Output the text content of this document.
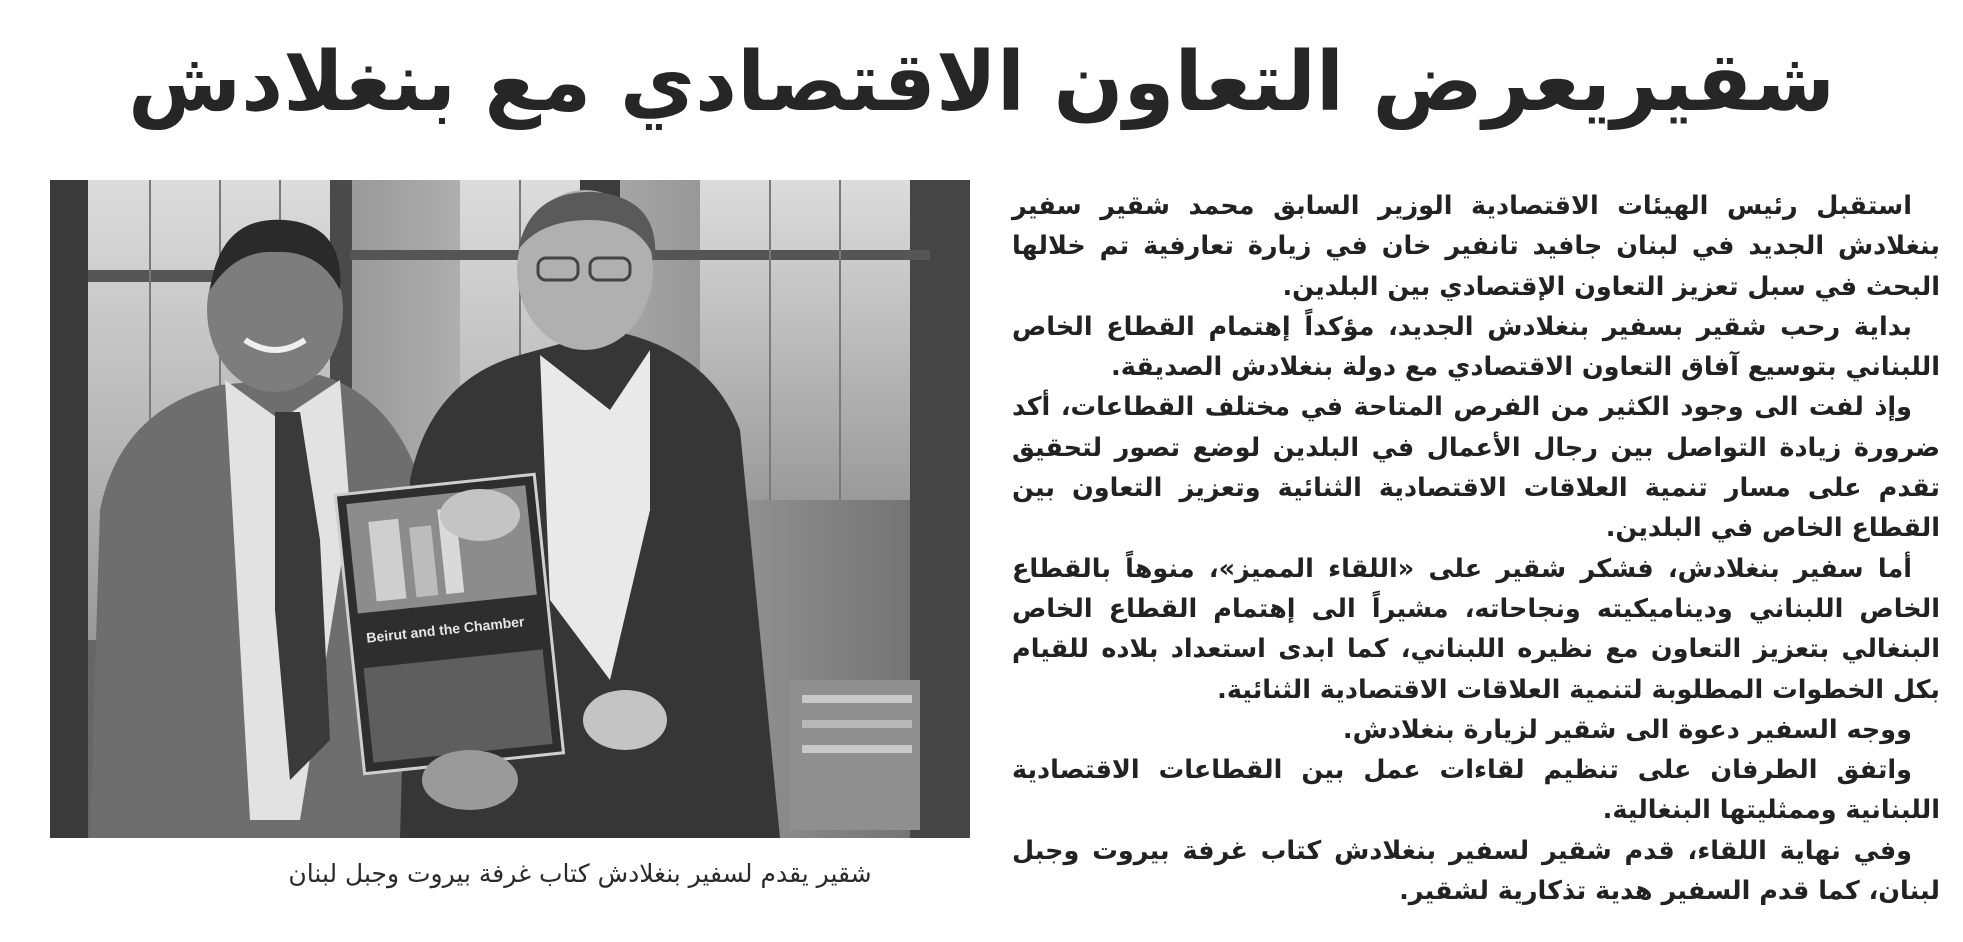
شقيريعرض التعاون الاقتصادي مع بنغلادش
Beirut and the Chamber
شقير يقدم لسفير بنغلادش كتاب غرفة بيروت وجبل لبنان

استقبل رئيس الهيئات الاقتصادية الوزير السابق محمد شقير سفير بنغلادش الجديد في لبنان جافيد تانفير خان في زيارة تعارفية تم خلالها البحث في سبل تعزيز التعاون الإقتصادي بين البلدين.

بداية رحب شقير بسفير بنغلادش الجديد، مؤكداً إهتمام القطاع الخاص اللبناني بتوسيع آفاق التعاون الاقتصادي مع دولة بنغلادش الصديقة.

وإذ لفت الى وجود الكثير من الفرص المتاحة في مختلف القطاعات، أكد ضرورة زيادة التواصل بين رجال الأعمال في البلدين لوضع تصور لتحقيق تقدم على مسار تنمية العلاقات الاقتصادية الثنائية وتعزيز التعاون بين القطاع الخاص في البلدين.

أما سفير بنغلادش، فشكر شقير على «اللقاء المميز»، منوهاً بالقطاع الخاص اللبناني وديناميكيته ونجاحاته، مشيراً الى إهتمام القطاع الخاص البنغالي بتعزيز التعاون مع نظيره اللبناني، كما ابدى استعداد بلاده للقيام بكل الخطوات المطلوبة لتنمية العلاقات الاقتصادية الثنائية.

ووجه السفير دعوة الى شقير لزيارة بنغلادش.

واتفق الطرفان على تنظيم لقاءات عمل بين القطاعات الاقتصادية اللبنانية وممثليتها البنغالية.

وفي نهاية اللقاء، قدم شقير لسفير بنغلادش كتاب غرفة بيروت وجبل لبنان، كما قدم السفير هدية تذكارية لشقير.
